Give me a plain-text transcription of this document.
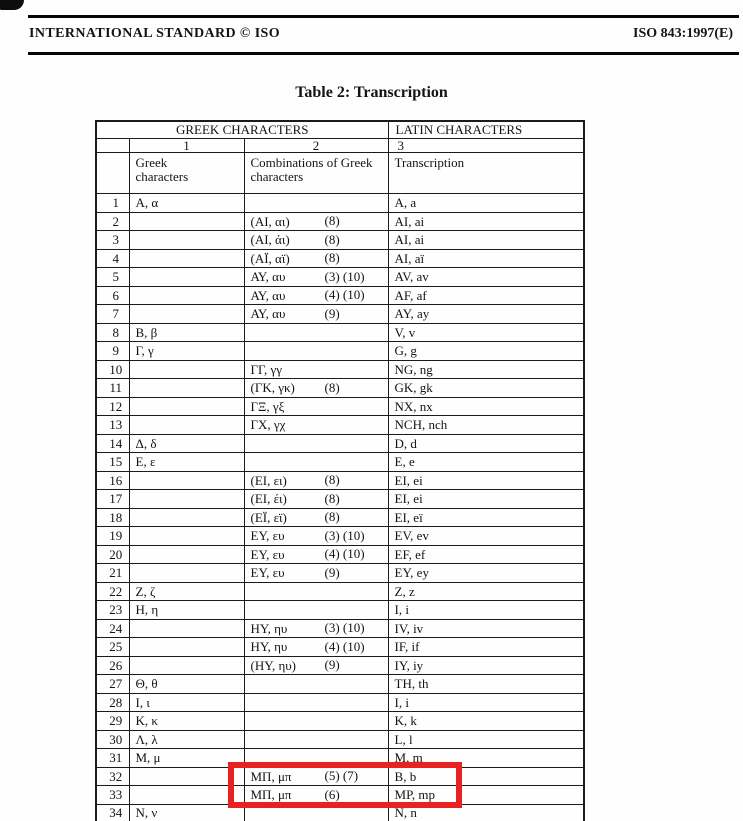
INTERNATIONAL STANDARD © ISO	ISO 843:1997(E)
Table 2: Transcription
GREEK CHARACTERS			LATIN CHARACTERS
	1	2	3
	Greek characters	Combinations of Greek characters	Transcription
1	Α, α		A, a
2		(ΑΙ, αι) (8)	AI, ai
3		(ΑΙ, άι) (8)	AI, ai
4		(ΑΪ, αϊ) (8)	AI, aï
5		ΑΥ, αυ (3) (10)	AV, av
6		ΑΥ, αυ (4) (10)	AF, af
7		ΑΥ, αυ (9)	AY, ay
8	Β, β		V, v
9	Γ, γ		G, g
10		ΓΓ, γγ	NG, ng
11		(ΓΚ, γκ) (8)	GK, gk
12		ΓΞ, γξ	NX, nx
13		ΓΧ, γχ	NCH, nch
14	Δ, δ		D, d
15	Ε, ε		E, e
16		(ΕΙ, ει) (8)	EI, ei
17		(ΕΙ, έι) (8)	EI, ei
18		(ΕΪ, εϊ) (8)	EI, eï
19		ΕΥ, ευ (3) (10)	EV, ev
20		ΕΥ, ευ (4) (10)	EF, ef
21		ΕΥ, ευ (9)	EY, ey
22	Ζ, ζ		Z, z
23	Η, η		I, i
24		ΗΥ, ηυ (3) (10)	IV, iv
25		ΗΥ, ηυ (4) (10)	IF, if
26		(ΗΥ, ηυ) (9)	IY, iy
27	Θ, θ		TH, th
28	Ι, ι		I, i
29	Κ, κ		K, k
30	Λ, λ		L, l
31	Μ, μ		M, m
32		ΜΠ, μπ (5) (7)	B, b
33		ΜΠ, μπ (6)	MP, mp
34	Ν, ν		N, n
